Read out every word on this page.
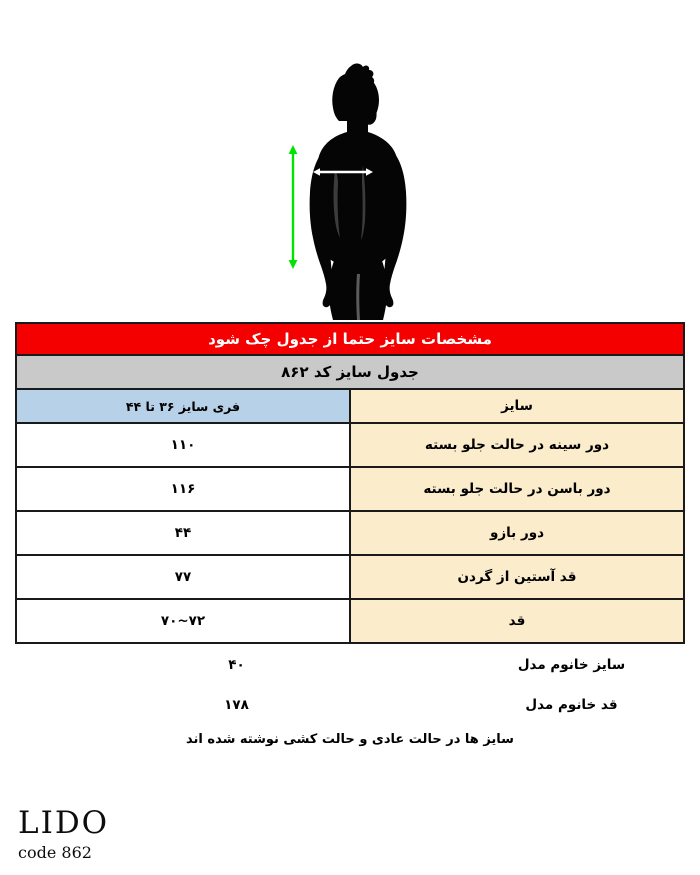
مشخصات سایز حتما از جدول چک شود	
جدول سایز کد ۸۶۲	
سایز	فری سایز ۳۶ تا ۴۴
دور سینه در حالت جلو بسته	۱۱۰
دور باسن در حالت جلو بسته	۱۱۶
دور بازو	۴۴
قد آستین از گردن	۷۷
قد	۷۲~۷۰
سایز خانوم مدل
۴۰
قد خانوم مدل
۱۷۸
سایز ها در حالت عادی و حالت کشی نوشته شده اند
LIDO
code 862
